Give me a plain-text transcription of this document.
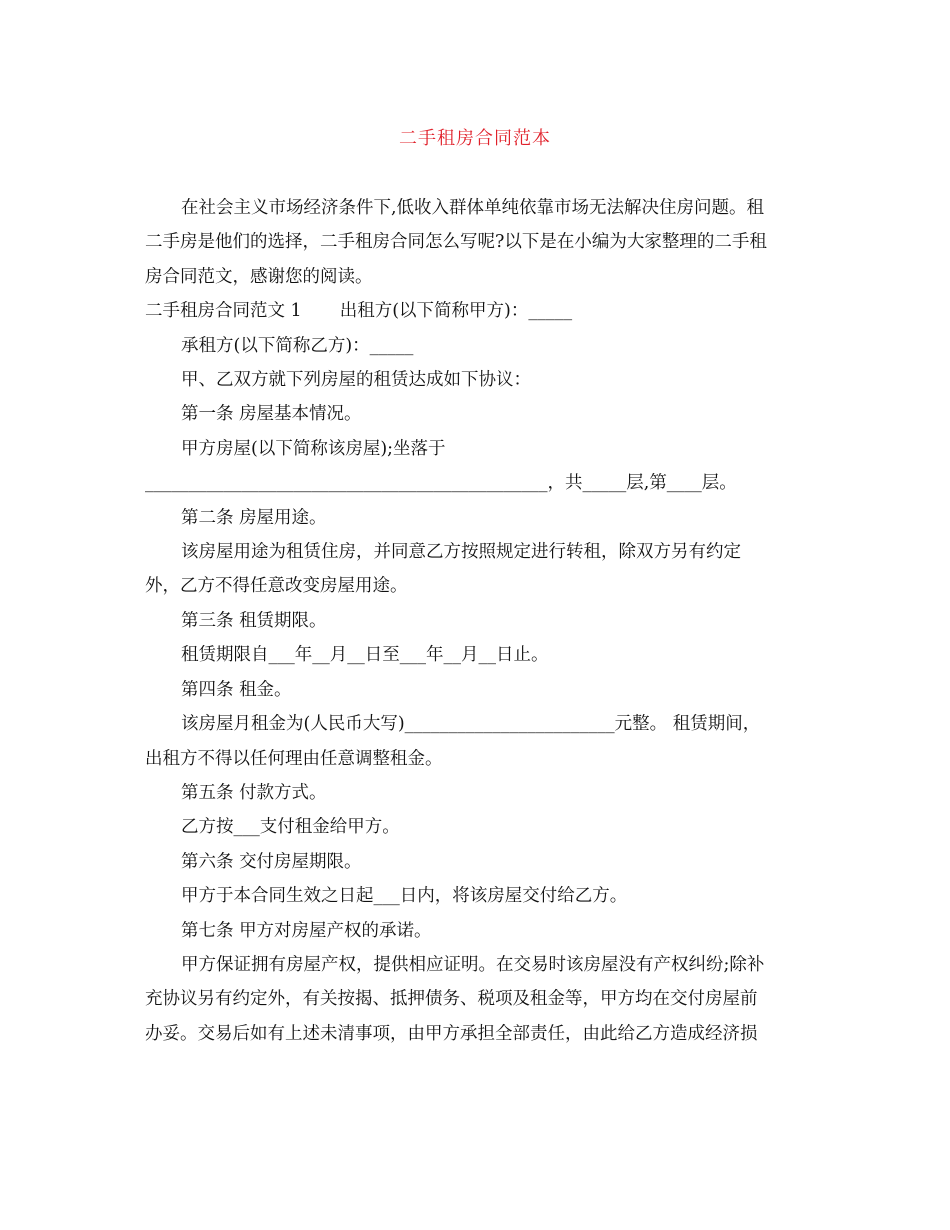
二手租房合同范本

在社会主义市场经济条件下,低收入群体单纯依靠市场无法解决住房问题。租

二手房是他们的选择，二手租房合同怎么写呢?以下是在小编为大家整理的二手租

房合同范文，感谢您的阅读。

二手租房合同范文 1 出租方(以下简称甲方)：_____

承租方(以下简称乙方)：_____

甲、乙双方就下列房屋的租赁达成如下协议：

第一条 房屋基本情况。

甲方房屋(以下简称该房屋);坐落于

______________________________________________，共_____层,第____层。

第二条 房屋用途。

该房屋用途为租赁住房，并同意乙方按照规定进行转租，除双方另有约定

外，乙方不得任意改变房屋用途。

第三条 租赁期限。

租赁期限自___年__月__日至___年__月__日止。

第四条 租金。

该房屋月租金为(人民币大写)________________________元整。 租赁期间，

出租方不得以任何理由任意调整租金。

第五条 付款方式。

乙方按___支付租金给甲方。

第六条 交付房屋期限。

甲方于本合同生效之日起___日内，将该房屋交付给乙方。

第七条 甲方对房屋产权的承诺。

甲方保证拥有房屋产权，提供相应证明。在交易时该房屋没有产权纠纷;除补

充协议另有约定外，有关按揭、抵押债务、税项及租金等，甲方均在交付房屋前

办妥。交易后如有上述未清事项，由甲方承担全部责任，由此给乙方造成经济损
